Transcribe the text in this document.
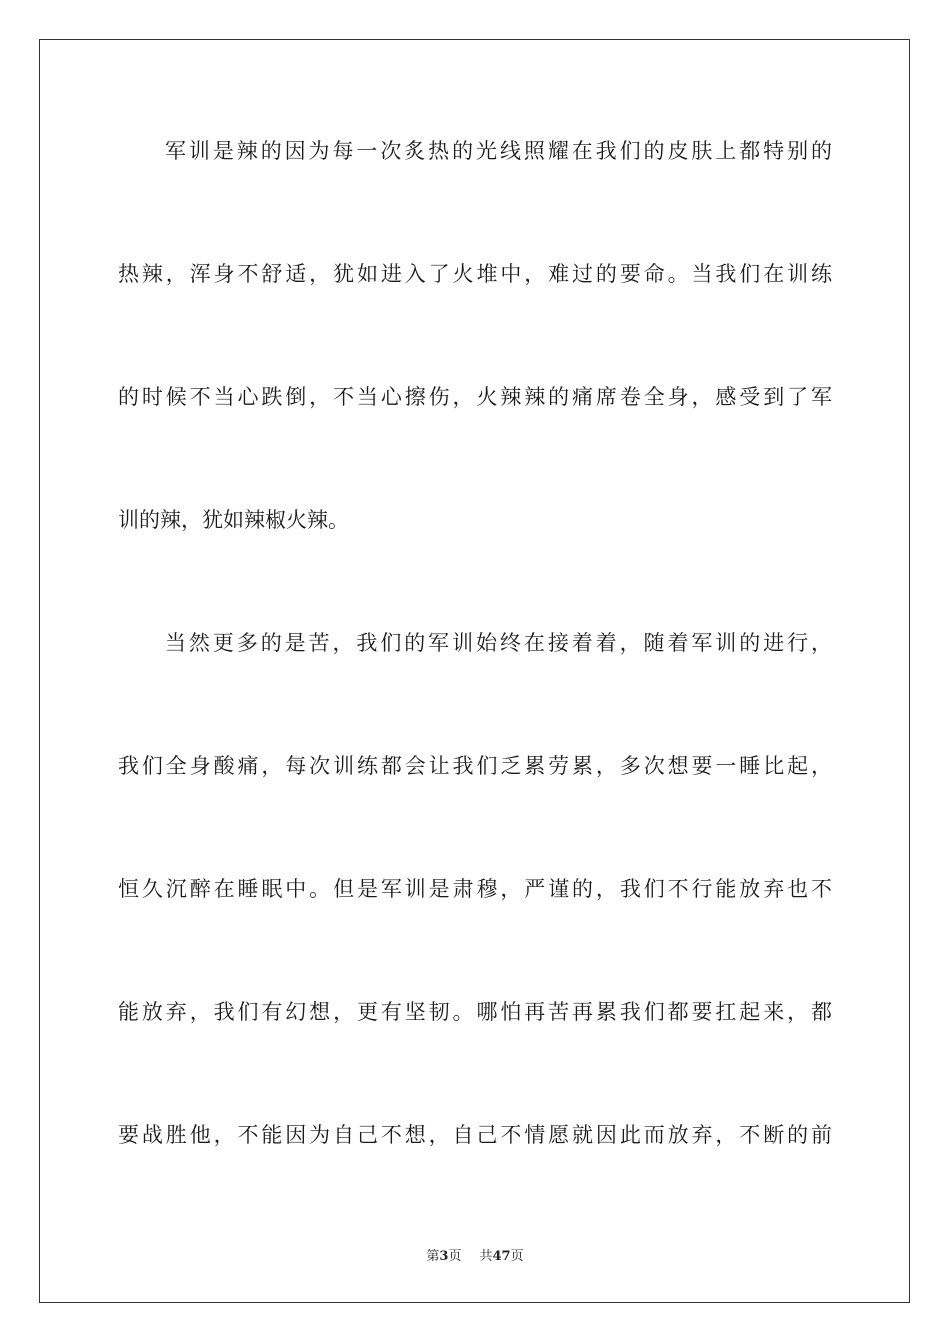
军训是辣的因为每一次炙热的光线照耀在我们的皮肤上都特别的
热辣，浑身不舒适，犹如进入了火堆中，难过的要命。当我们在训练
的时候不当心跌倒，不当心擦伤，火辣辣的痛席卷全身，感受到了军
训的辣，犹如辣椒火辣。
当然更多的是苦，我们的军训始终在接着着，随着军训的进行，
我们全身酸痛，每次训练都会让我们乏累劳累，多次想要一睡比起，
恒久沉醉在睡眠中。但是军训是肃穆，严谨的，我们不行能放弃也不
能放弃，我们有幻想，更有坚韧。哪怕再苦再累我们都要扛起来，都
要战胜他，不能因为自己不想，自己不情愿就因此而放弃，不断的前
第3页 共47页
